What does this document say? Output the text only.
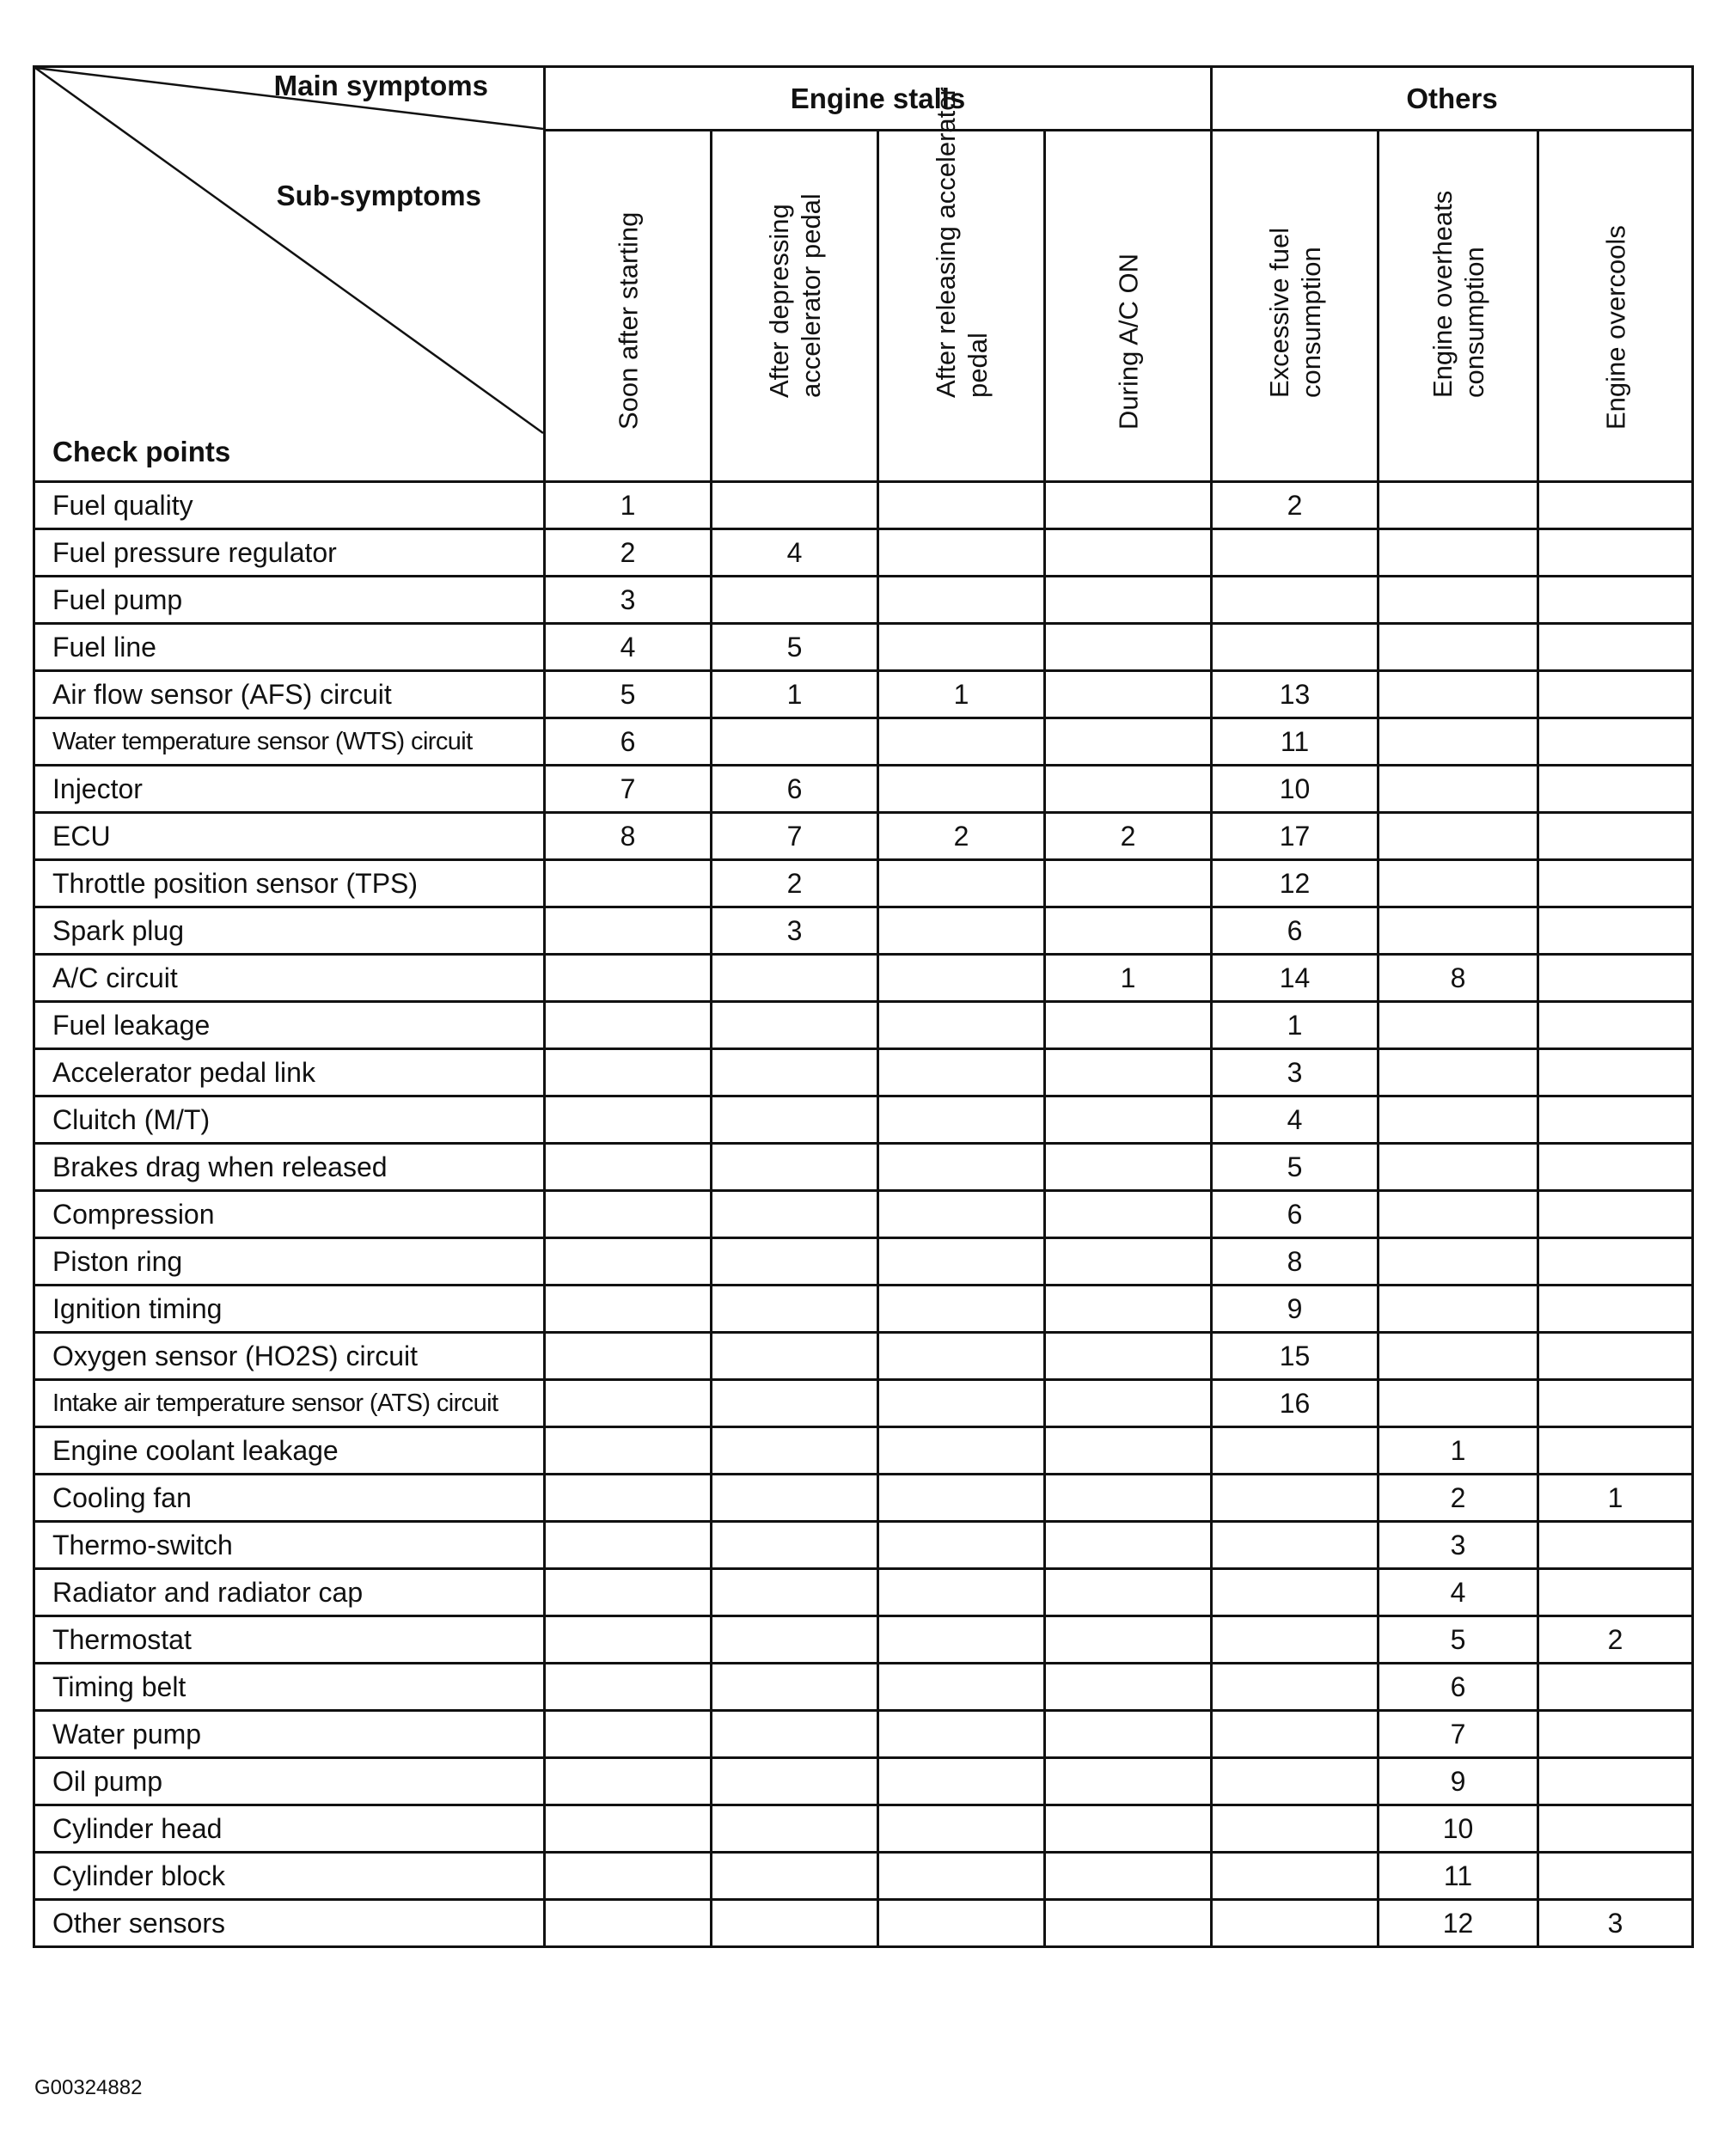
Main symptoms
Sub-symptoms
Check points	Engine stalls				Others		

	Soon after starting	After depressing accelerator pedal	After releasing accelerator pedal	During A/C ON	Excessive fuel consumption	Engine overheats consumption	Engine overcools

Fuel quality	1				2		
Fuel pressure regulator	2	4					
Fuel pump	3						
Fuel line	4	5					
Air flow sensor (AFS) circuit	5	1	1		13		
Water temperature sensor (WTS) circuit	6				11		
Injector	7	6			10		
ECU	8	7	2	2	17		
Throttle position sensor (TPS)		2			12		
Spark plug		3			6		
A/C circuit				1	14	8	
Fuel leakage					1		
Accelerator pedal link					3		
Cluitch (M/T)					4		
Brakes drag when released					5		
Compression					6		
Piston ring					8		
Ignition timing					9		
Oxygen sensor (HO2S) circuit					15		
Intake air temperature sensor (ATS) circuit					16		
Engine coolant leakage						1	
Cooling fan						2	1
Thermo-switch						3	
Radiator and radiator cap						4	
Thermostat						5	2
Timing belt						6	
Water pump						7	
Oil pump						9	
Cylinder head						10	
Cylinder block						11	
Other sensors						12	3
G00324882
